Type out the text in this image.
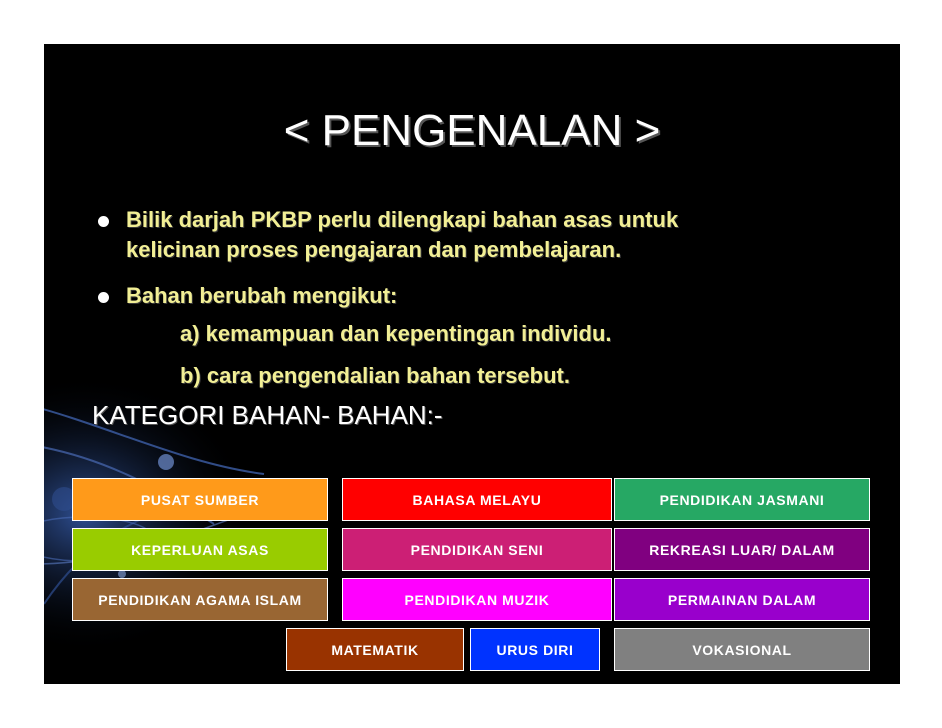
< PENGENALAN >
Bilik darjah PKBP perlu dilengkapi bahan asas untuk
kelicinan proses pengajaran dan pembelajaran.
Bahan berubah mengikut:
a) kemampuan dan kepentingan individu.
b) cara pengendalian bahan tersebut.
KATEGORI BAHAN- BAHAN:-
PUSAT SUMBER	BAHASA MELAYU	PENDIDIKAN JASMANI
KEPERLUAN ASAS	PENDIDIKAN SENI	REKREASI LUAR/ DALAM
PENDIDIKAN AGAMA ISLAM	PENDIDIKAN MUZIK	PERMAINAN DALAM
MATEMATIK	URUS DIRI	VOKASIONAL
